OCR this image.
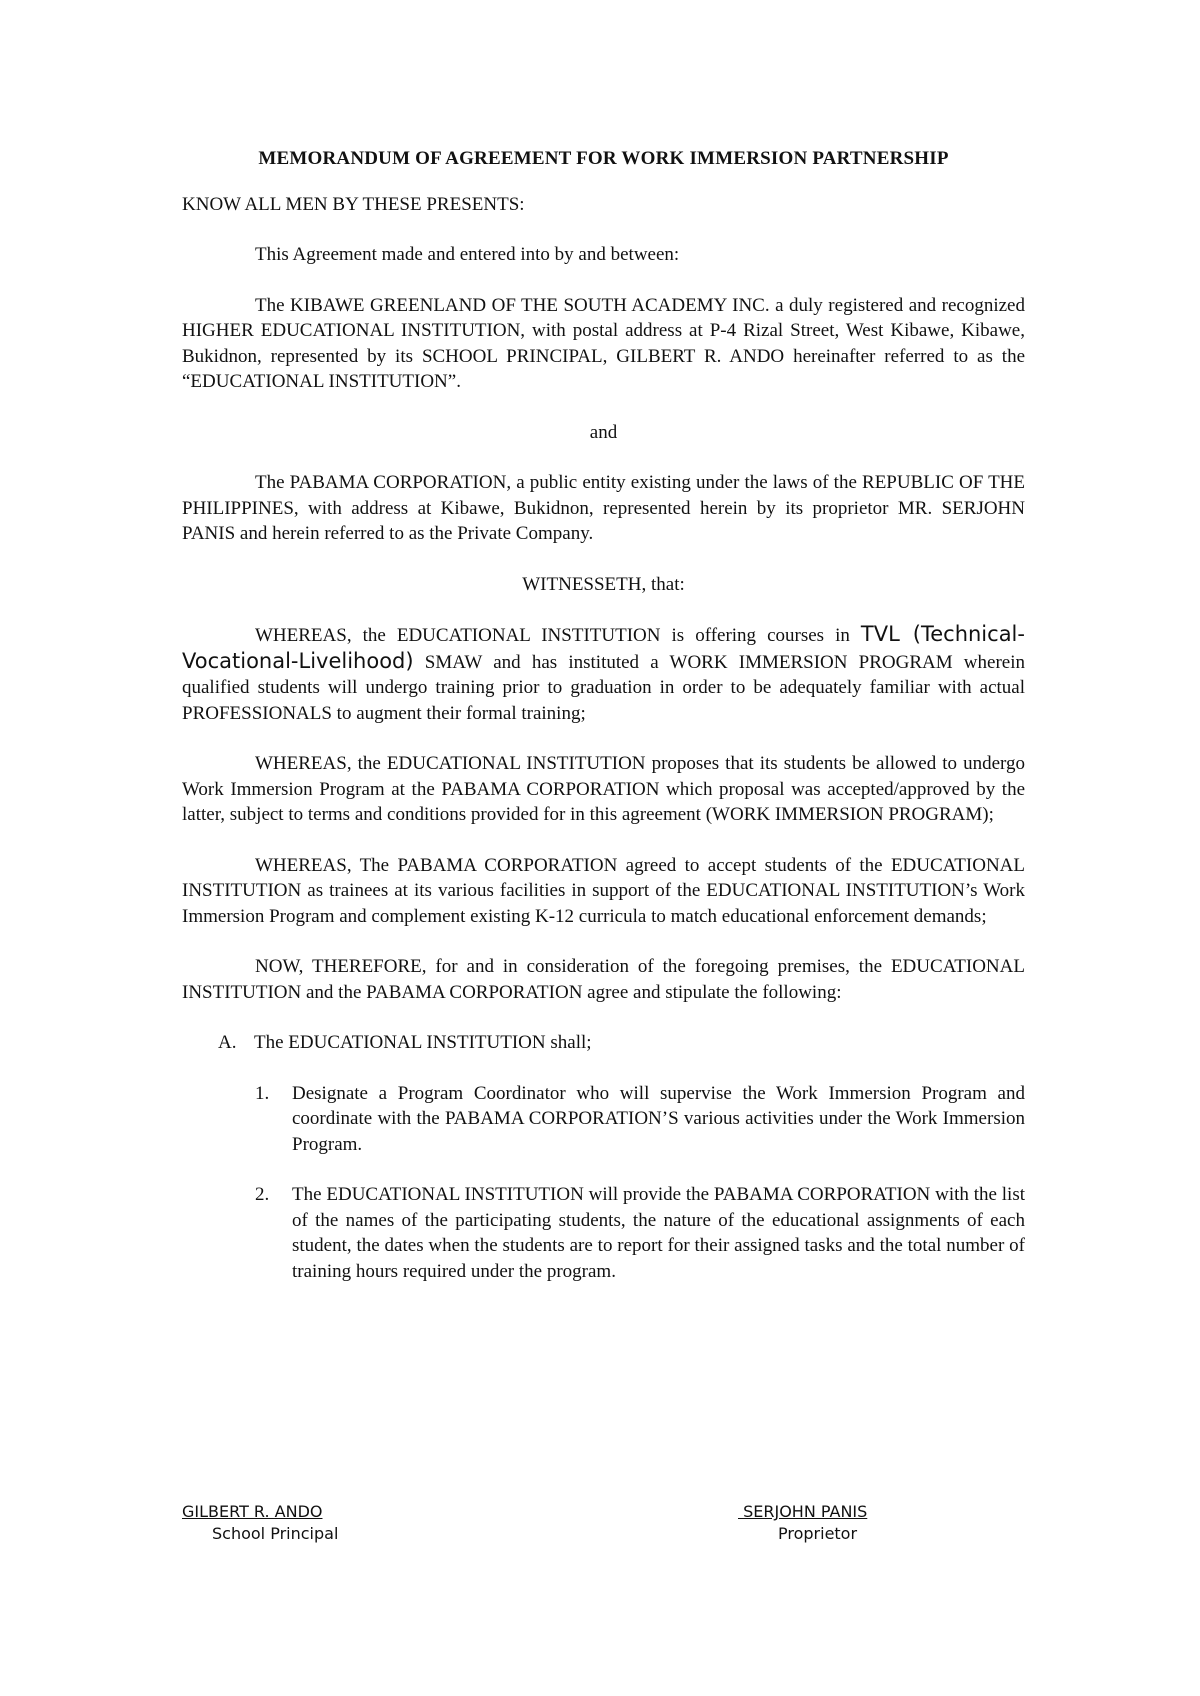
MEMORANDUM OF AGREEMENT FOR WORK IMMERSION PARTNERSHIP

KNOW ALL MEN BY THESE PRESENTS:

This Agreement made and entered into by and between:

The KIBAWE GREENLAND OF THE SOUTH ACADEMY INC. a duly registered and recognized HIGHER EDUCATIONAL INSTITUTION, with postal address at P-4 Rizal Street, West Kibawe, Kibawe, Bukidnon, represented by its SCHOOL PRINCIPAL, GILBERT R. ANDO hereinafter referred to as the “EDUCATIONAL INSTITUTION”.

and

The PABAMA CORPORATION, a public entity existing under the laws of the REPUBLIC OF THE PHILIPPINES, with address at Kibawe, Bukidnon, represented herein by its proprietor MR. SERJOHN PANIS and herein referred to as the Private Company.

WITNESSETH, that:

WHEREAS, the EDUCATIONAL INSTITUTION is offering courses in TVL (Technical-Vocational-Livelihood) SMAW and has instituted a WORK IMMERSION PROGRAM wherein qualified students will undergo training prior to graduation in order to be adequately familiar with actual PROFESSIONALS to augment their formal training;

WHEREAS, the EDUCATIONAL INSTITUTION proposes that its students be allowed to undergo Work Immersion Program at the PABAMA CORPORATION which proposal was accepted/approved by the latter, subject to terms and conditions provided for in this agreement (WORK IMMERSION PROGRAM);

WHEREAS, The PABAMA CORPORATION agreed to accept students of the EDUCATIONAL INSTITUTION as trainees at its various facilities in support of the EDUCATIONAL INSTITUTION’s Work Immersion Program and complement existing K-12 curricula to match educational enforcement demands;

NOW, THEREFORE, for and in consideration of the foregoing premises, the EDUCATIONAL INSTITUTION and the PABAMA CORPORATION agree and stipulate the following:

A. The EDUCATIONAL INSTITUTION shall;
1.	Designate a Program Coordinator who will supervise the Work Immersion Program and coordinate with the PABAMA CORPORATION’S various activities under the Work Immersion Program.
2.	The EDUCATIONAL INSTITUTION will provide the PABAMA CORPORATION with the list of the names of the participating students, the nature of the educational assignments of each student, the dates when the students are to report for their assigned tasks and the total number of training hours required under the program.
GILBERT R. ANDO
School Principal
SERJOHN PANIS
Proprietor
